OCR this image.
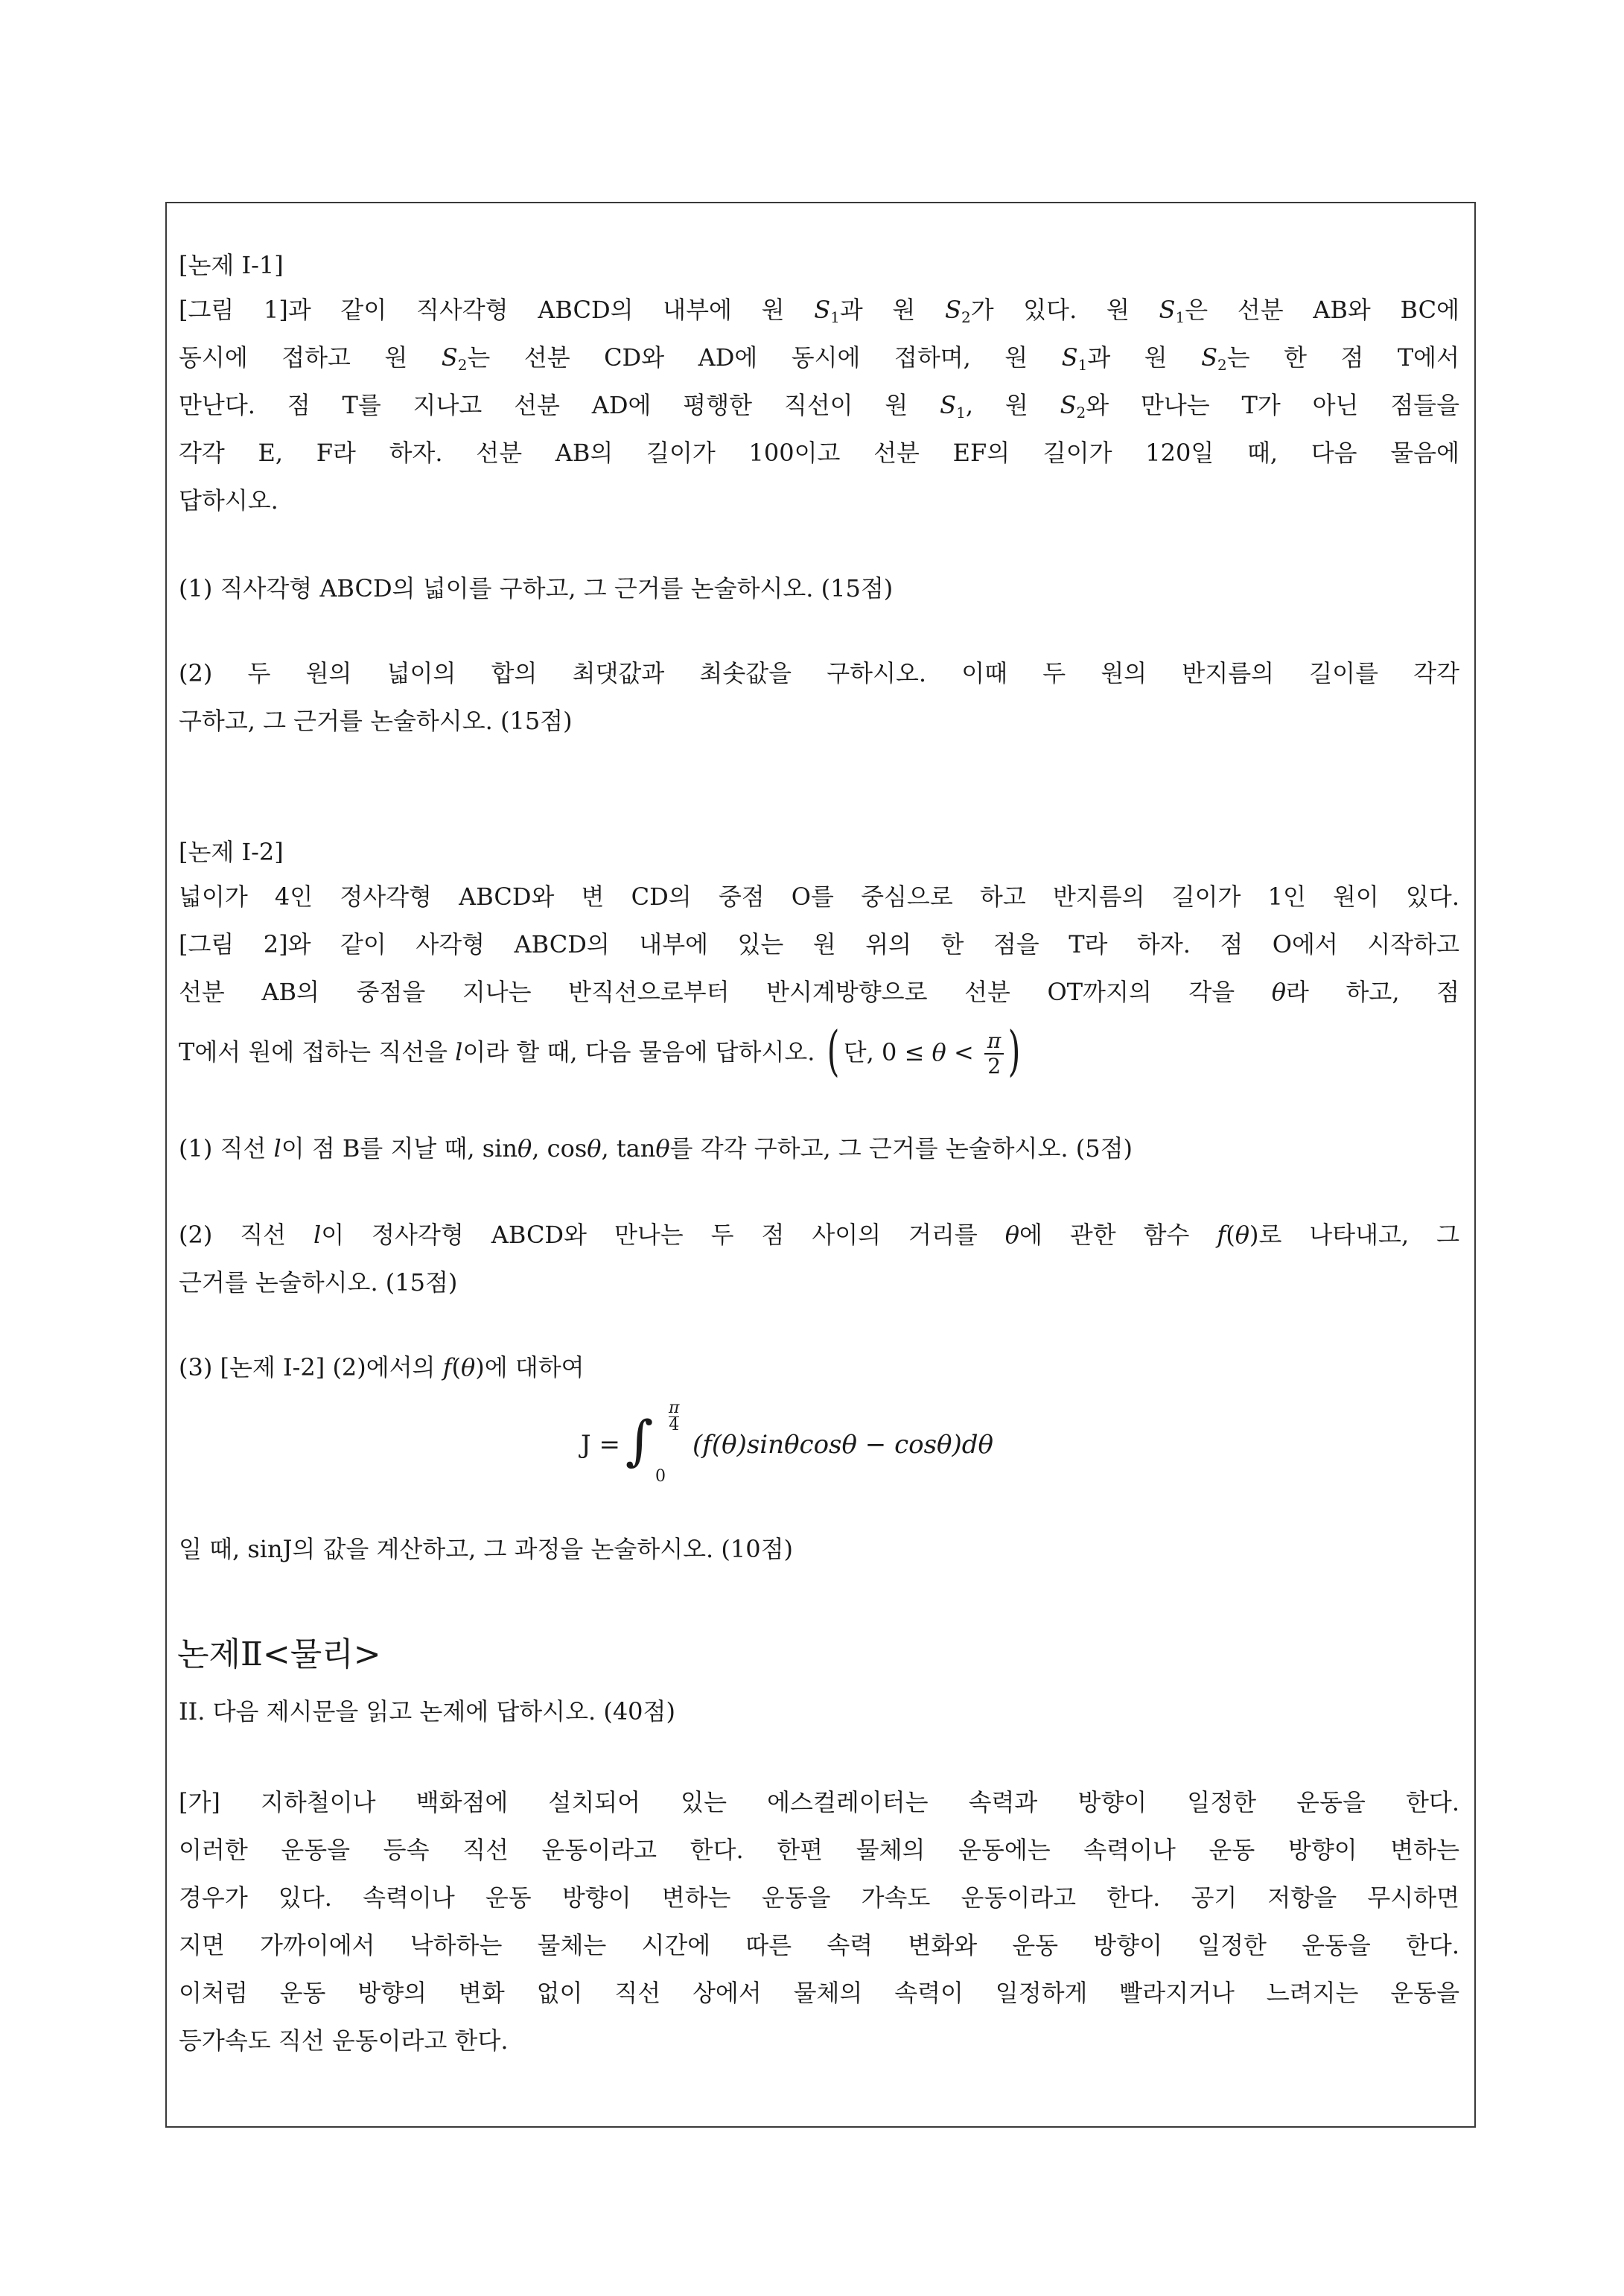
[논제 I-1]
[그림 1]과 같이 직사각형 ABCD의 내부에 원 $S_1$과 원 $S_2$가 있다. 원 $S_1$은 선분 AB와 BC에
동시에 접하고 원 $S_2$는 선분 CD와 AD에 동시에 접하며, 원 $S_1$과 원 $S_2$는 한 점 T에서
만난다. 점 T를 지나고 선분 AD에 평행한 직선이 원 $S_1$, 원 $S_2$와 만나는 T가 아닌 점들을
각각 E, F라 하자. 선분 AB의 길이가 100이고 선분 EF의 길이가 120일 때, 다음 물음에
답하시오.
(1) 직사각형 ABCD의 넓이를 구하고, 그 근거를 논술하시오. (15점)
(2) 두 원의 넓이의 합의 최댓값과 최솟값을 구하시오. 이때 두 원의 반지름의 길이를 각각
구하고, 그 근거를 논술하시오. (15점)
[논제 I-2]
넓이가 4인 정사각형 ABCD와 변 CD의 중점 O를 중심으로 하고 반지름의 길이가 1인 원이 있다.
[그림 2]와 같이 사각형 ABCD의 내부에 있는 원 위의 한 점을 T라 하자. 점 O에서 시작하고
선분 AB의 중점을 지나는 반직선으로부터 반시계방향으로 선분 OT까지의 각을 θ라 하고, 점
T에서 원에 접하는 직선을 l이라 할 때, 다음 물음에 답하시오. ( 단, $0 \le \theta < \frac{\pi}{2}$ )
(1) 직선 l이 점 B를 지날 때, sinθ, cosθ, tanθ를 각각 구하고, 그 근거를 논술하시오. (5점)
(2) 직선 l이 정사각형 ABCD와 만나는 두 점 사이의 거리를 θ에 관한 함수 f(θ)로 나타내고, 그
근거를 논술하시오. (15점)
(3) [논제 I-2] (2)에서의 f(θ)에 대하여
J = ∫
π
4
0
(f(θ)sinθcosθ − cosθ)dθ
일 때, sinJ의 값을 계산하고, 그 과정을 논술하시오. (10점)
논제Ⅱ<물리>
II. 다음 제시문을 읽고 논제에 답하시오. (40점)
[가] 지하철이나 백화점에 설치되어 있는 에스컬레이터는 속력과 방향이 일정한 운동을 한다.
이러한 운동을 등속 직선 운동이라고 한다. 한편 물체의 운동에는 속력이나 운동 방향이 변하는
경우가 있다. 속력이나 운동 방향이 변하는 운동을 가속도 운동이라고 한다. 공기 저항을 무시하면
지면 가까이에서 낙하하는 물체는 시간에 따른 속력 변화와 운동 방향이 일정한 운동을 한다.
이처럼 운동 방향의 변화 없이 직선 상에서 물체의 속력이 일정하게 빨라지거나 느려지는 운동을
등가속도 직선 운동이라고 한다.
